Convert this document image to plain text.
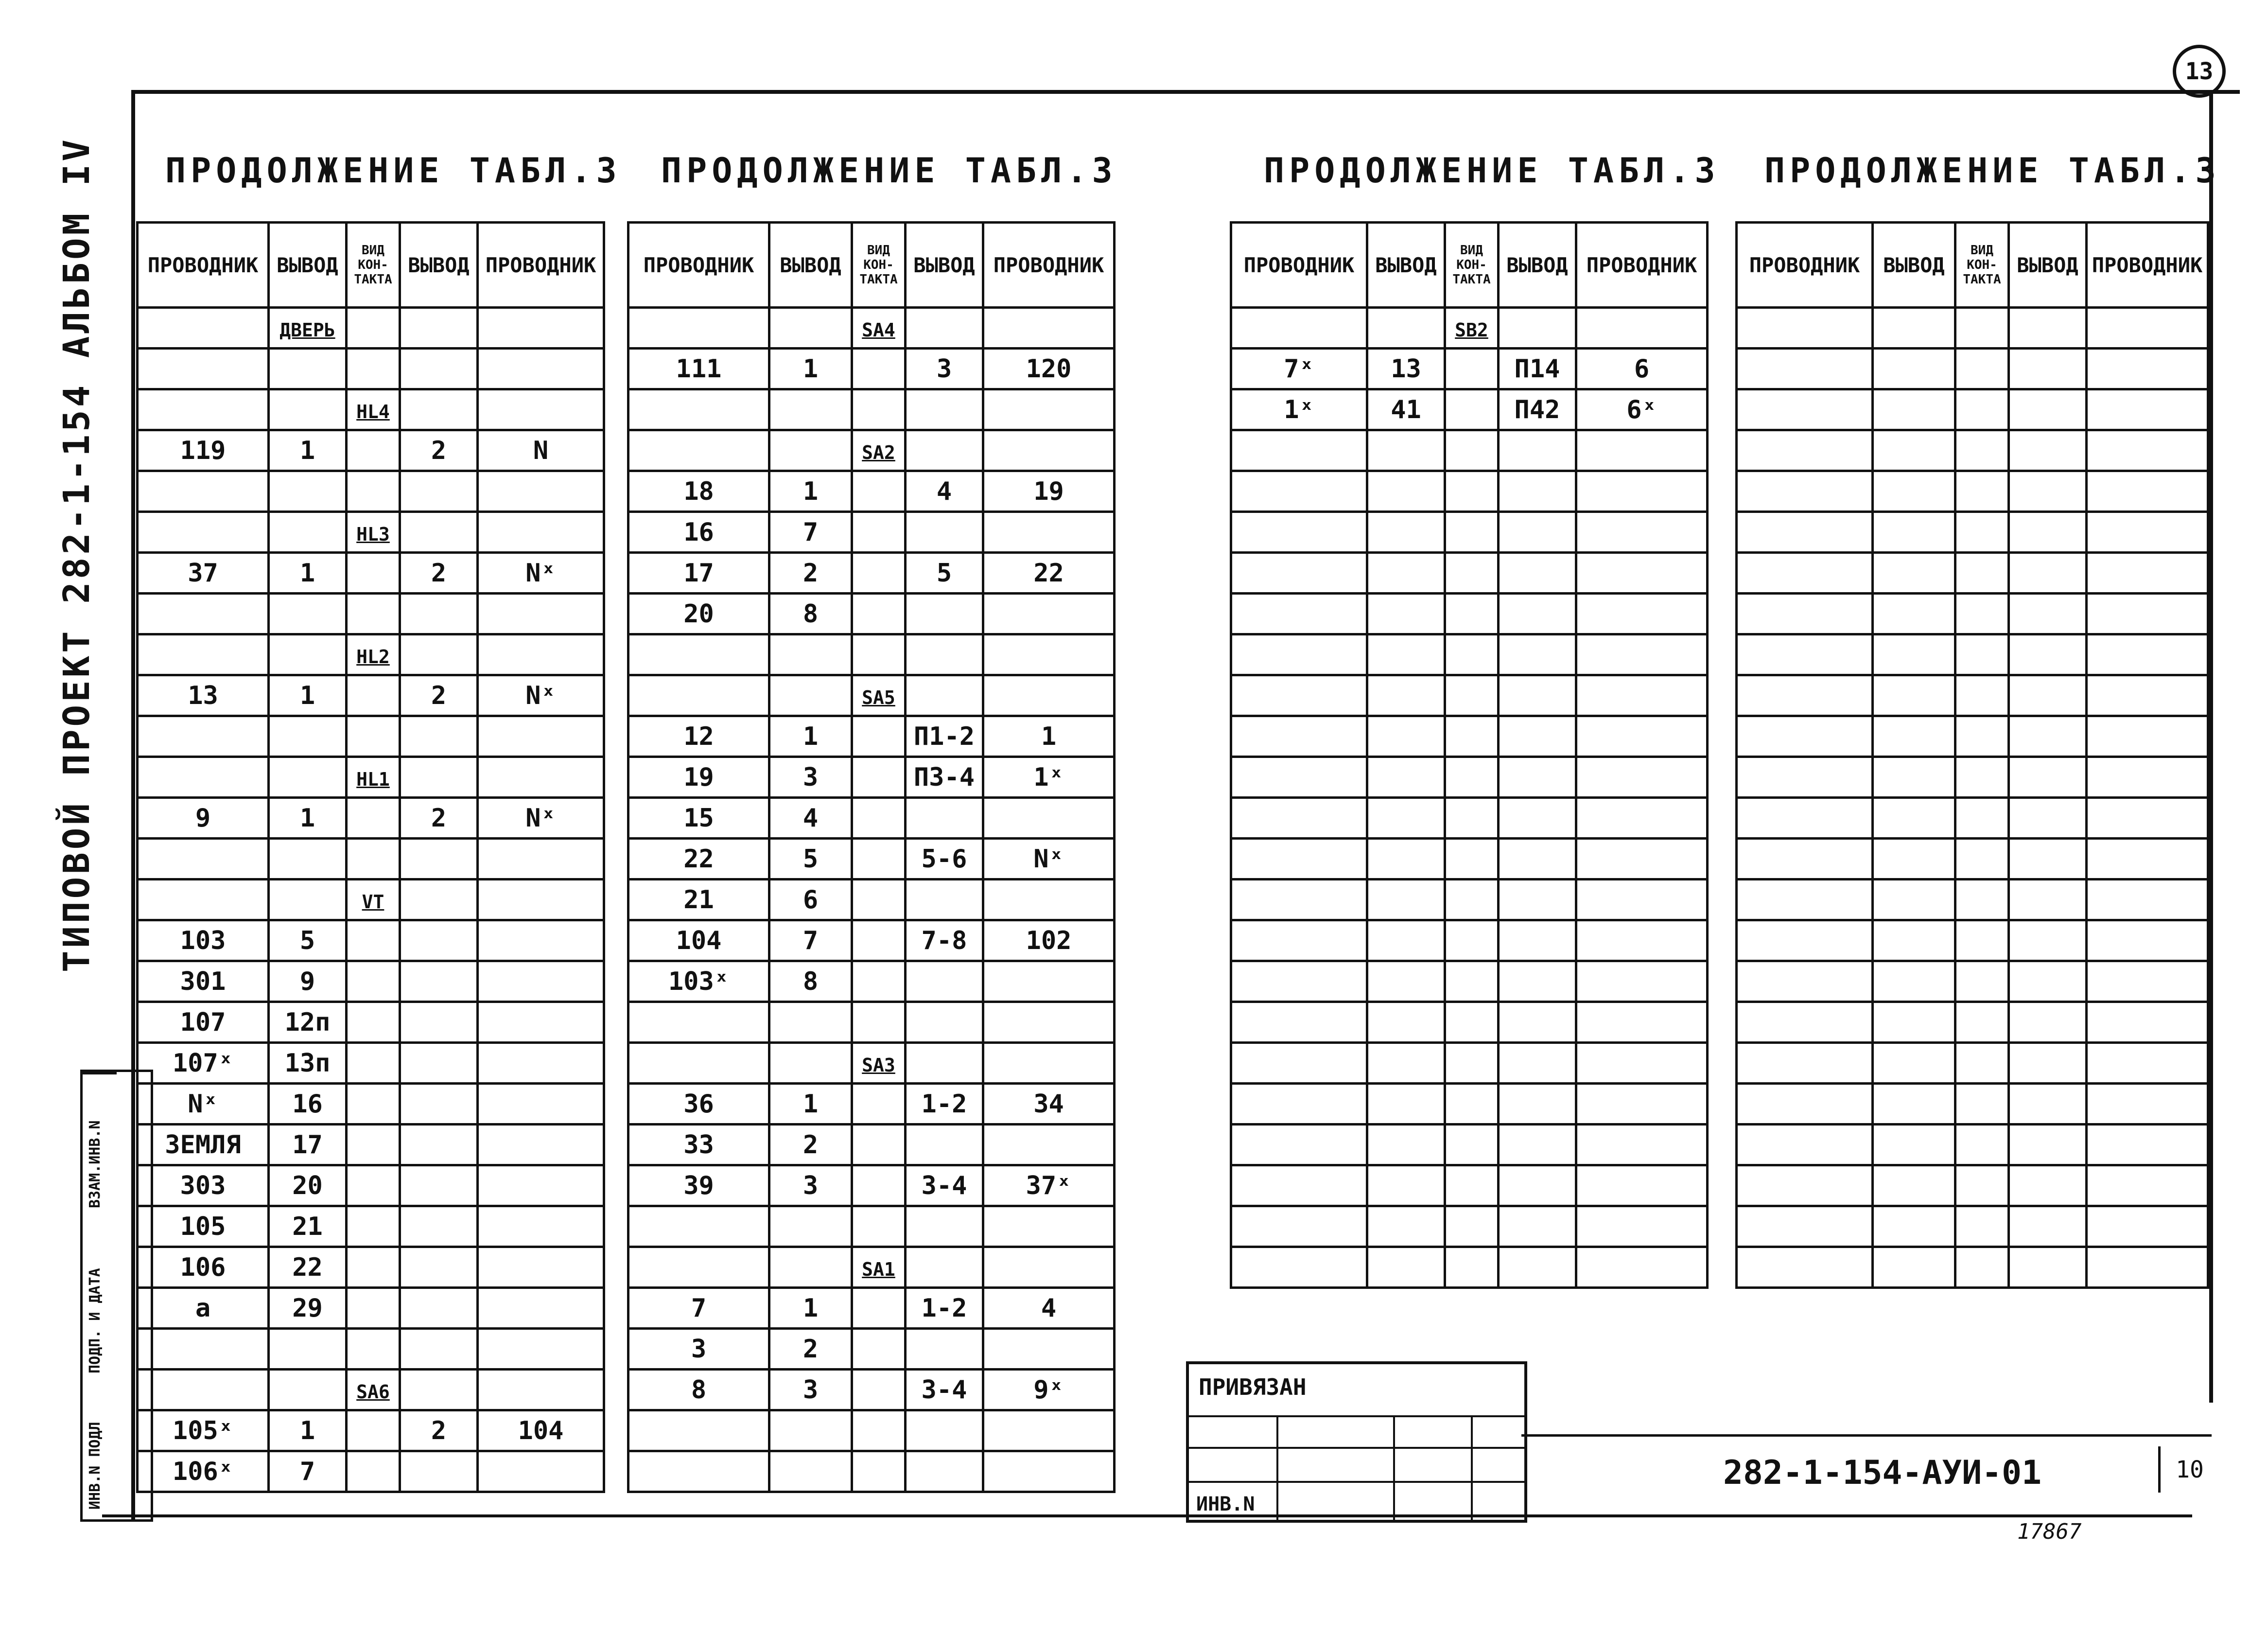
13
ТИПОВОЙ ПРОЕКТ 282-1-154 АЛЬБОМ IV
ИНВ.N ПОДЛ
ПОДП. И ДАТА
ВЗАМ.ИНВ.N
ПРОДОЛЖЕНИЕ ТАБЛ.3 ПРОДОЛЖЕНИЕ ТАБЛ.3	ПРОДОЛЖЕНИЕ ТАБЛ.3 ПРОДОЛЖЕНИЕ ТАБЛ.3
ПРОВОДНИК	ВЫВОД	ВИД КОН-ТАКТА	ВЫВОД	ПРОВОДНИК
	ДВЕРЬ			

		HL4		
119	1		2	N

		HL3		
37	1		2	Nˣ

		HL2		
13	1		2	Nˣ

		HL1		
9	1		2	Nˣ

		VT		
103	5			
301	9			
107	12п			
107ˣ	13п			
Nˣ	16			
ЗЕМЛЯ	17			
303	20			
105	21			
106	22			
a	29			

		SA6		
105ˣ	1		2	104
106ˣ	7			
ПРОВОДНИК	ВЫВОД	ВИД КОН-ТАКТА	ВЫВОД	ПРОВОДНИК
		SA4		
111	1		3	120

		SA2		
18	1		4	19
16	7			
17	2		5	22
20	8			

		SA5		
12	1		П1-2	1
19	3		П3-4	1ˣ
15	4			
22	5		5-6	Nˣ
21	6			
104	7		7-8	102
103ˣ	8			

		SA3		
36	1		1-2	34
33	2			
39	3		3-4	37ˣ

		SA1		
7	1		1-2	4
3	2			
8	3		3-4	9ˣ

ПРОВОДНИК	ВЫВОД	ВИД КОН-ТАКТА	ВЫВОД	ПРОВОДНИК
		SB2		
7ˣ	13		П14	6
1ˣ	41		П42	6ˣ

ПРОВОДНИК	ВЫВОД	ВИД КОН-ТАКТА	ВЫВОД	ПРОВОДНИК

ПРИВЯЗАН
ИНВ.N
282-1-154-АУИ-01	10
17867
